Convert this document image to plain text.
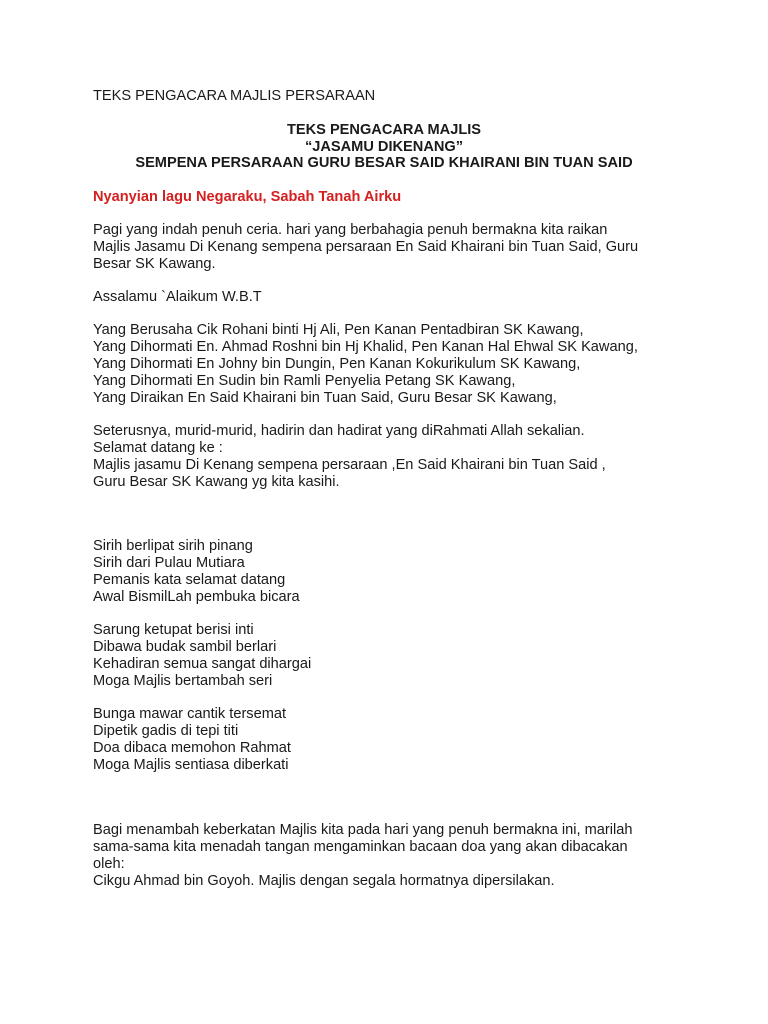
TEKS PENGACARA MAJLIS PERSARAAN
TEKS PENGACARA MAJLIS
“JASAMU DIKENANG”
SEMPENA PERSARAAN GURU BESAR SAID KHAIRANI BIN TUAN SAID
Nyanyian lagu Negaraku, Sabah Tanah Airku
Pagi yang indah penuh ceria. hari yang berbahagia penuh bermakna kita raikan
Majlis Jasamu Di Kenang sempena persaraan En Said Khairani bin Tuan Said, Guru
Besar SK Kawang.
Assalamu `Alaikum W.B.T
Yang Berusaha Cik Rohani binti Hj Ali, Pen Kanan Pentadbiran SK Kawang,
Yang Dihormati En. Ahmad Roshni bin Hj Khalid, Pen Kanan Hal Ehwal SK Kawang,
Yang Dihormati En Johny bin Dungin, Pen Kanan Kokurikulum SK Kawang,
Yang Dihormati En Sudin bin Ramli Penyelia Petang SK Kawang,
Yang Diraikan En Said Khairani bin Tuan Said, Guru Besar SK Kawang,
Seterusnya, murid-murid, hadirin dan hadirat yang diRahmati Allah sekalian.
Selamat datang ke :
Majlis jasamu Di Kenang sempena persaraan ,En Said Khairani bin Tuan Said ,
Guru Besar SK Kawang yg kita kasihi.
Sirih berlipat sirih pinang
Sirih dari Pulau Mutiara
Pemanis kata selamat datang
Awal BismilLah pembuka bicara
Sarung ketupat berisi inti
Dibawa budak sambil berlari
Kehadiran semua sangat dihargai
Moga Majlis bertambah seri
Bunga mawar cantik tersemat
Dipetik gadis di tepi titi
Doa dibaca memohon Rahmat
Moga Majlis sentiasa diberkati
Bagi menambah keberkatan Majlis kita pada hari yang penuh bermakna ini, marilah
sama-sama kita menadah tangan mengaminkan bacaan doa yang akan dibacakan
oleh:
Cikgu Ahmad bin Goyoh. Majlis dengan segala hormatnya dipersilakan.
